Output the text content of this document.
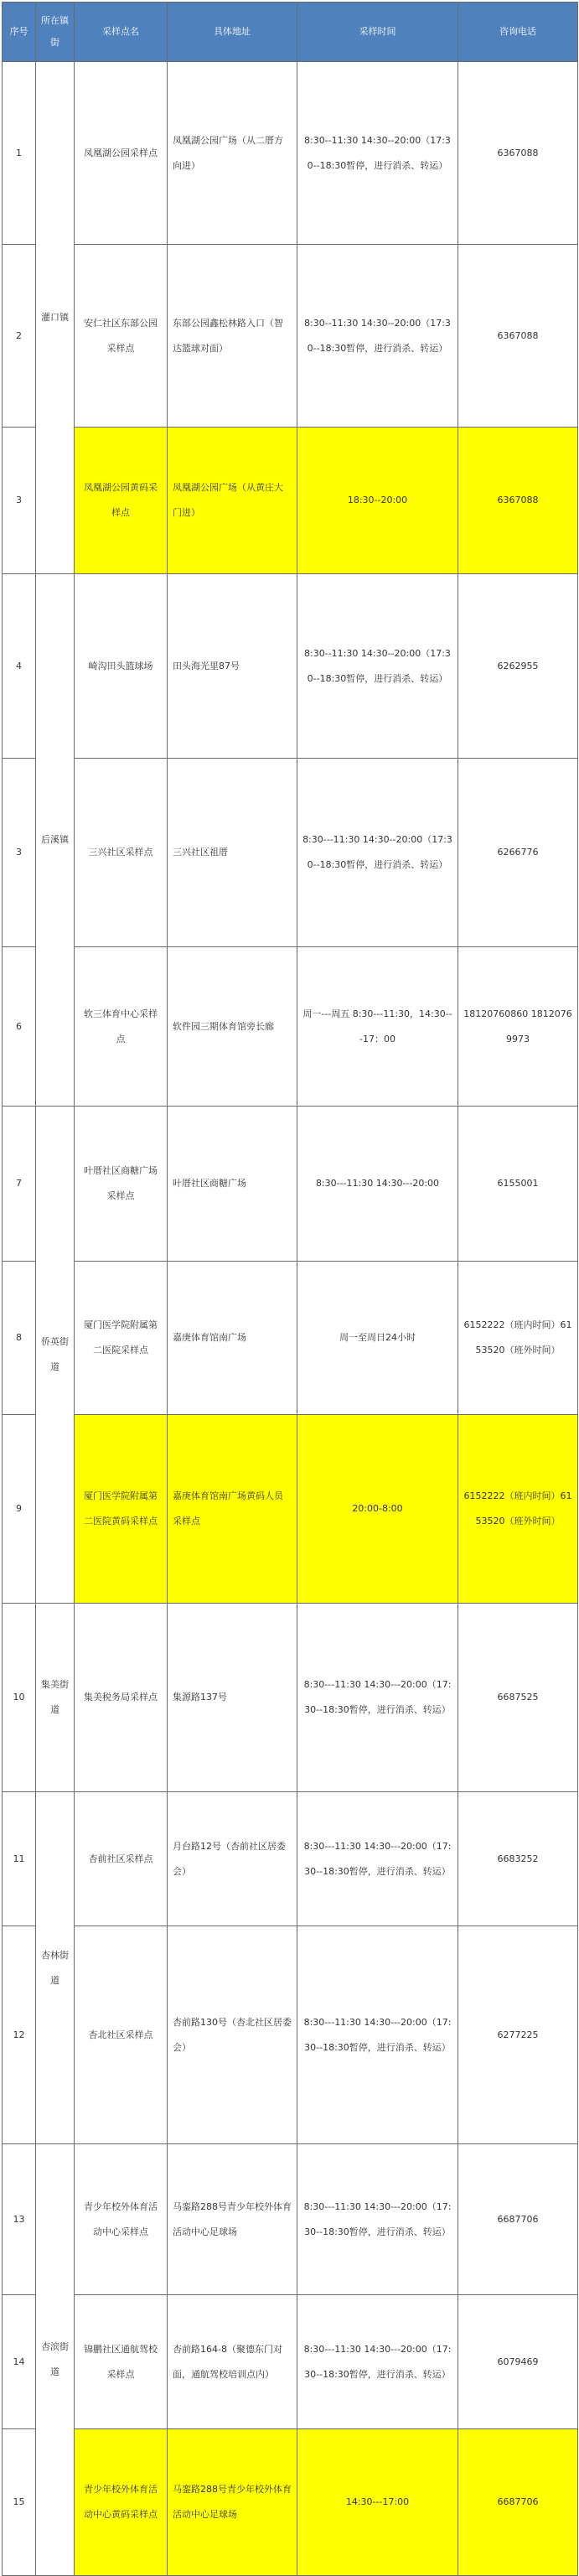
序号	所在镇街	采样点名	具体地址	采样时间	咨询电话
1	灌口镇	凤凰湖公园采样点	凤凰湖公园广场（从二厝方向进）	8:30--11:30 14:30--20:00（17:30--18:30暂停，进行消杀、转运）	6367088
2		安仁社区东部公园采样点	东部公园鑫松林路入口（智达篮球对面）	8:30--11:30 14:30--20:00（17:30--18:30暂停，进行消杀、转运）	6367088
3		凤凰湖公园黄码采样点	凤凰湖公园广场（从黄庄大门进）	18:30--20:00	6367088
4	后溪镇	崎沟田头篮球场	田头海光里87号	8:30--11:30 14:30--20:00（17:30--18:30暂停，进行消杀、转运）	6262955
3		三兴社区采样点	三兴社区祖厝	8:30---11:30 14:30--20:00（17:30--18:30暂停，进行消杀、转运）	6266776
6		软三体育中心采样点	软件园三期体育馆旁长廊	周一---周五 8:30---11:30，14:30---17：00	18120760860 18120769973
7	侨英街道	叶厝社区商糖广场采样点	叶厝社区商糖广场	8:30---11:30 14:30---20:00	6155001
8		厦门医学院附属第二医院采样点	嘉庚体育馆南广场	周一至周日24小时	6152222（班内时间）6153520（班外时间）
9		厦门医学院附属第二医院黄码采样点	嘉庚体育馆南广场黄码人员采样点	20:00-8:00	6152222（班内时间）6153520（班外时间）
10	集美街道	集美税务局采样点	集源路137号	8:30---11:30 14:30---20:00（17:30--18:30暂停，进行消杀、转运）	6687525
11	杏林街道	杏前社区采样点	月台路12号（杏前社区居委会）	8:30---11:30 14:30---20:00（17:30--18:30暂停，进行消杀、转运）	6683252
12		杏北社区采样点	杏前路130号（杏北社区居委会）	8:30---11:30 14:30---20:00（17:30--18:30暂停，进行消杀、转运）	6277225
13	杏滨街道	青少年校外体育活动中心采样点	马銮路288号青少年校外体育活动中心足球场	8:30---11:30 14:30---20:00（17:30--18:30暂停，进行消杀、转运）	6687706
14		锦鹏社区通航驾校采样点	杏前路164-8（聚德东门对面，通航驾校培训点内）	8:30---11:30 14:30---20:00（17:30--18:30暂停，进行消杀、转运）	6079469
15		青少年校外体育活动中心黄码采样点	马銮路288号青少年校外体育活动中心足球场	14:30---17:00	6687706
